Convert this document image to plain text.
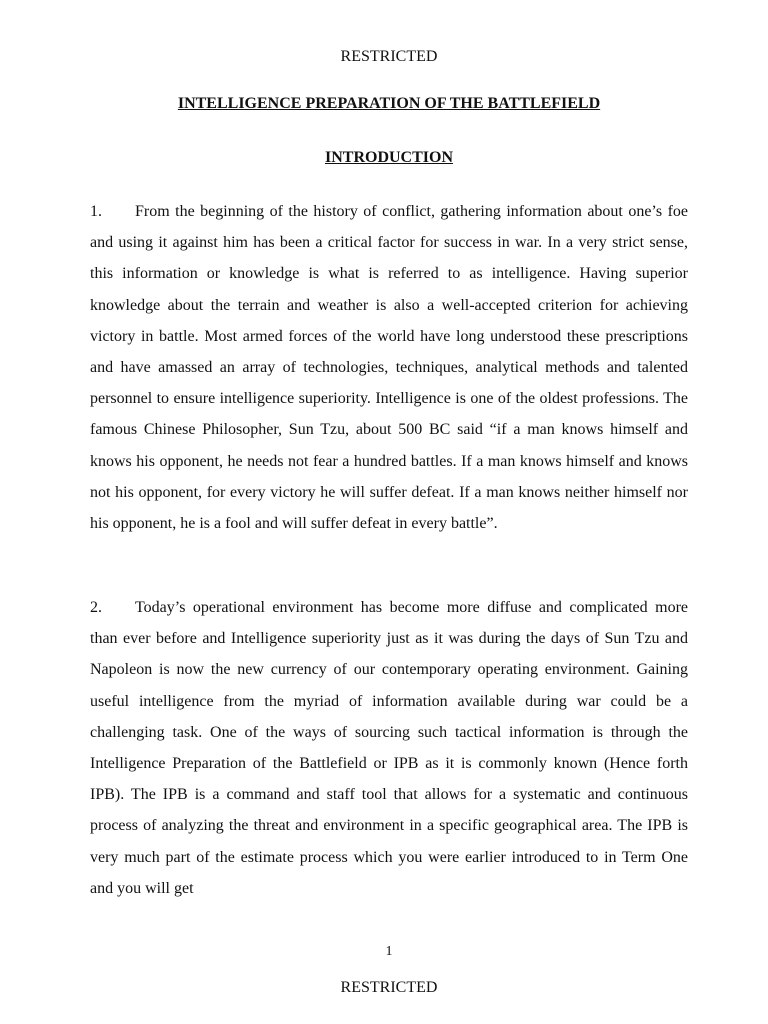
RESTRICTED
INTELLIGENCE PREPARATION OF THE BATTLEFIELD
INTRODUCTION

1. From the beginning of the history of conflict, gathering information about one’s foe and using it against him has been a critical factor for success in war. In a very strict sense, this information or knowledge is what is referred to as intelligence. Having superior knowledge about the terrain and weather is also a well-accepted criterion for achieving victory in battle. Most armed forces of the world have long understood these prescriptions and have amassed an array of technologies, techniques, analytical methods and talented personnel to ensure intelligence superiority. Intelligence is one of the oldest professions. The famous Chinese Philosopher, Sun Tzu, about 500 BC said “if a man knows himself and knows his opponent, he needs not fear a hundred battles. If a man knows himself and knows not his opponent, for every victory he will suffer defeat. If a man knows neither himself nor his opponent, he is a fool and will suffer defeat in every battle”.

2. Today’s operational environment has become more diffuse and complicated more than ever before and Intelligence superiority just as it was during the days of Sun Tzu and Napoleon is now the new currency of our contemporary operating environment. Gaining useful intelligence from the myriad of information available during war could be a challenging task. One of the ways of sourcing such tactical information is through the Intelligence Preparation of the Battlefield or IPB as it is commonly known (Hence forth IPB). The IPB is a command and staff tool that allows for a systematic and continuous process of analyzing the threat and environment in a specific geographical area. The IPB is very much part of the estimate process which you were earlier introduced to in Term One and you will get

1
RESTRICTED
